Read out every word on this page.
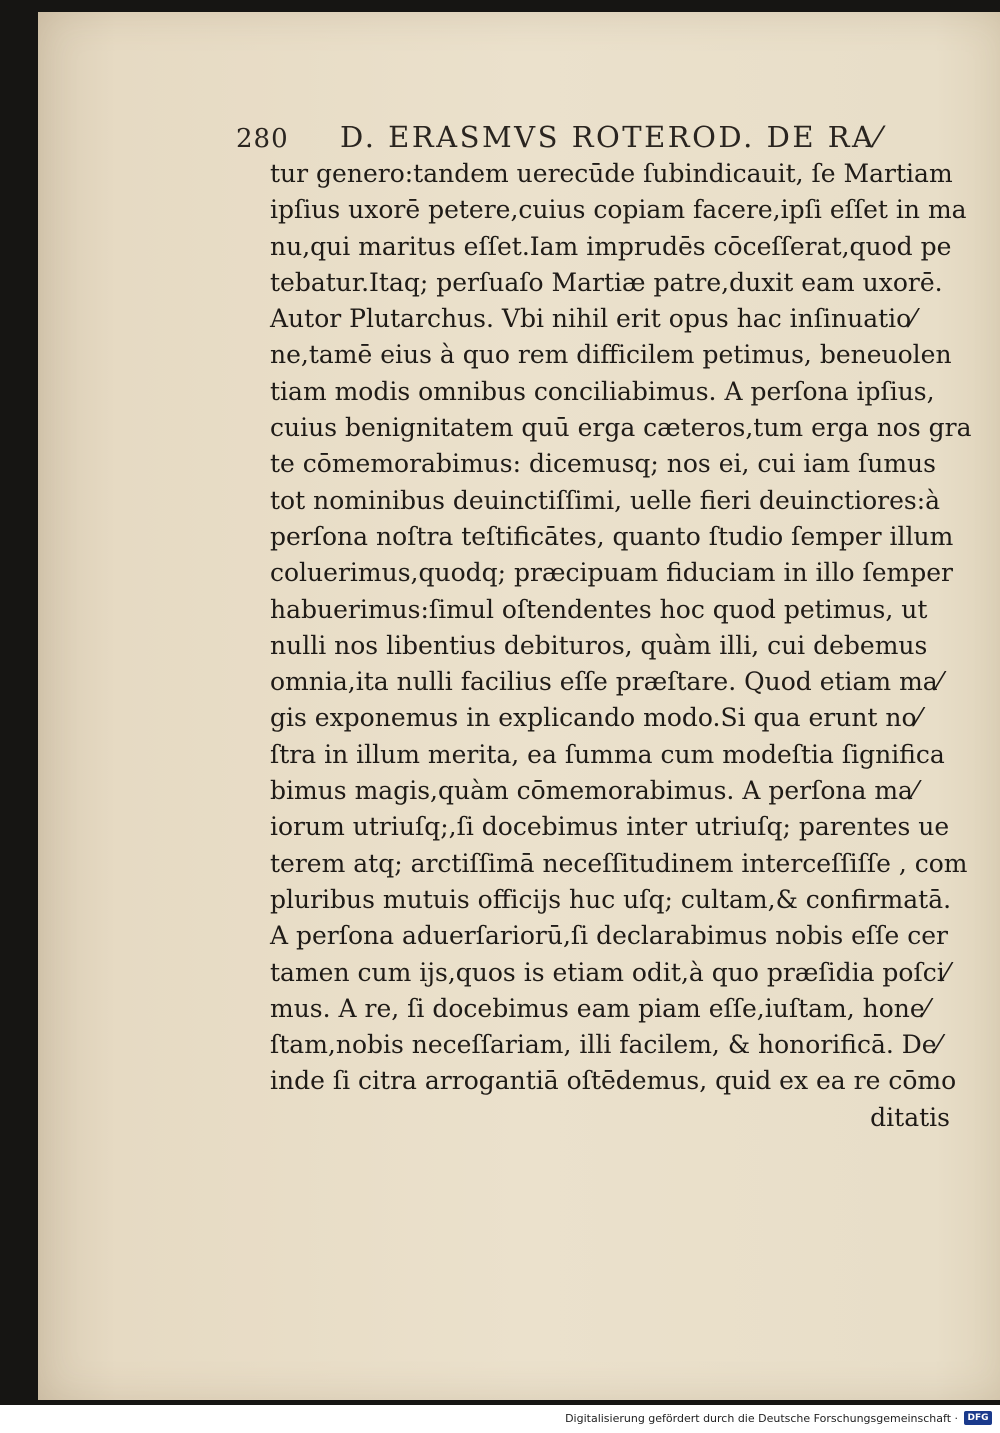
280 D. ERASMVS ROTEROD. DE RA⁄
tur genero:tandem uerecūde ſubindicauit, ſe Martiam
ipſius uxorē petere,cuius copiam facere,ipſi eſſet in ma
nu,qui maritus eſſet.Iam imprudēs cōceſſerat,quod pe
tebatur.Itaq; perſuaſo Martiæ patre,duxit eam uxorē.
Autor Plutarchus. Vbi nihil erit opus hac inſinuatio⁄
ne,tamē eius à quo rem difficilem petimus, beneuolen
tiam modis omnibus conciliabimus. A perſona ipſius,
cuius benignitatem quū erga cæteros,tum erga nos gra
te cōmemorabimus: dicemusq; nos ei, cui iam ſumus
tot nominibus deuinctiſſimi, uelle fieri deuinctiores:à
perſona noſtra teſtificātes, quanto ſtudio ſemper illum
coluerimus,quodq; præcipuam fiduciam in illo ſemper
habuerimus:ſimul oſtendentes hoc quod petimus, ut
nulli nos libentius debituros, quàm illi, cui debemus
omnia,ita nulli facilius eſſe præſtare. Quod etiam ma⁄
gis exponemus in explicando modo.Si qua erunt no⁄
ſtra in illum merita, ea ſumma cum modeſtia ſignifica
bimus magis,quàm cōmemorabimus. A perſona ma⁄
iorum utriuſq;,ſi docebimus inter utriuſq; parentes ue
terem atq; arctiſſimā neceſſitudinem interceſſiſſe , com
pluribus mutuis officijs huc uſq; cultam,& confirmatā.
A perſona aduerſariorū,ſi declarabimus nobis eſſe cer
tamen cum ijs,quos is etiam odit,à quo præſidia poſci⁄
mus. A re, ſi docebimus eam piam eſſe,iuſtam, hone⁄
ſtam,nobis neceſſariam, illi facilem, & honorificā. De⁄
inde ſi citra arrogantiā oſtēdemus, quid ex ea re cōmo
ditatis
Digitalisierung gefördert durch die Deutsche Forschungsgemeinschaft ·	DFG
